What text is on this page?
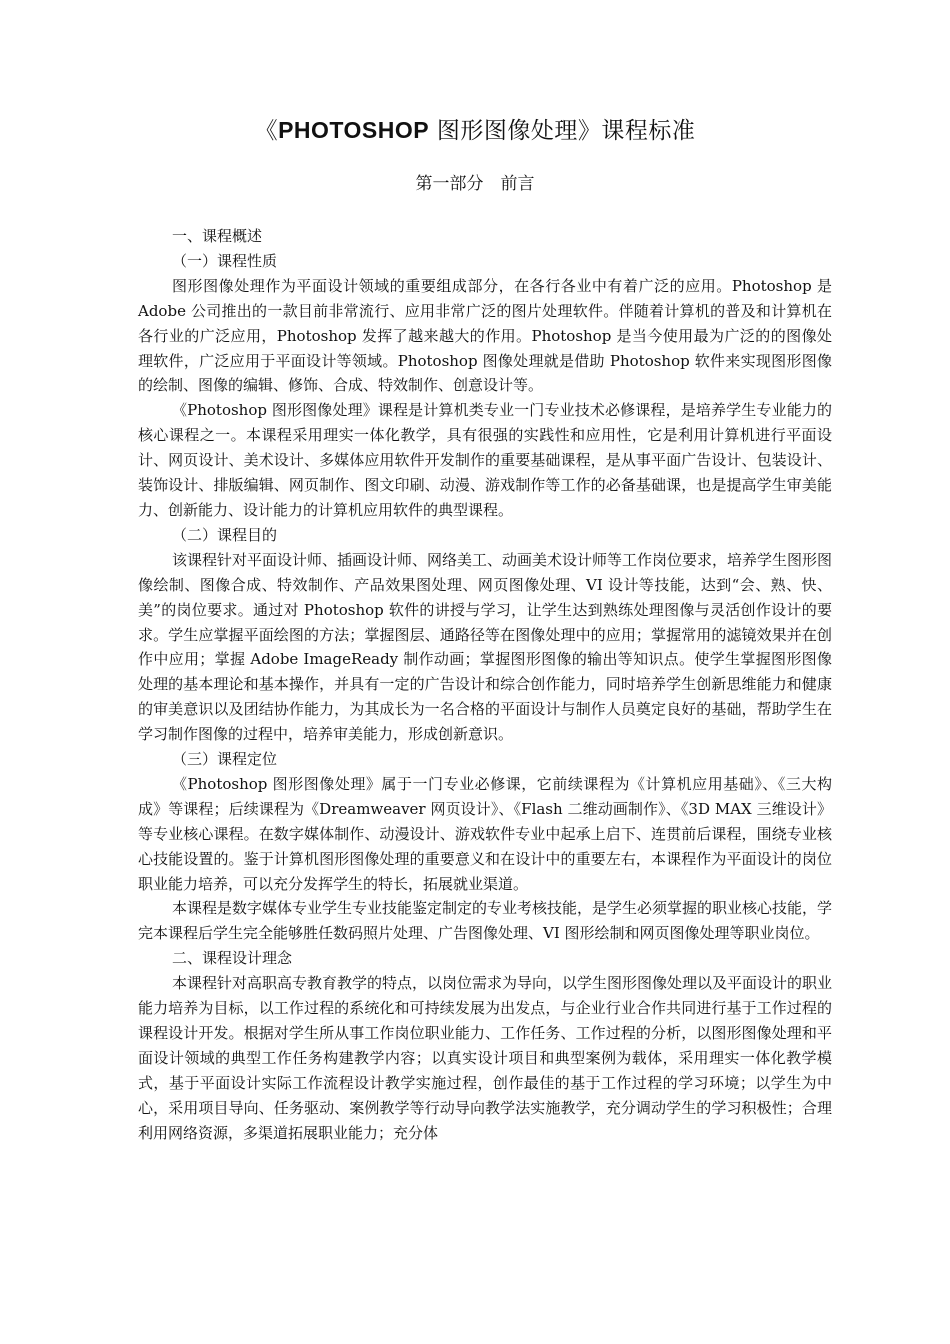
《PHOTOSHOP 图形图像处理》课程标准
第一部分　前言

一、课程概述

（一）课程性质

图形图像处理作为平面设计领域的重要组成部分，在各行各业中有着广泛的应用。Photoshop 是 Adobe 公司推出的一款目前非常流行、应用非常广泛的图片处理软件。伴随着计算机的普及和计算机在各行业的广泛应用，Photoshop 发挥了越来越大的作用。Photoshop 是当今使用最为广泛的的图像处理软件，广泛应用于平面设计等领域。Photoshop 图像处理就是借助 Photoshop 软件来实现图形图像的绘制、图像的编辑、修饰、合成、特效制作、创意设计等。

《Photoshop 图形图像处理》课程是计算机类专业一门专业技术必修课程，是培养学生专业能力的核心课程之一。本课程采用理实一体化教学，具有很强的实践性和应用性，它是利用计算机进行平面设计、网页设计、美术设计、多媒体应用软件开发制作的重要基础课程，是从事平面广告设计、包装设计、装饰设计、排版编辑、网页制作、图文印刷、动漫、游戏制作等工作的必备基础课，也是提高学生审美能力、创新能力、设计能力的计算机应用软件的典型课程。

（二）课程目的

该课程针对平面设计师、插画设计师、网络美工、动画美术设计师等工作岗位要求，培养学生图形图像绘制、图像合成、特效制作、产品效果图处理、网页图像处理、VI 设计等技能，达到“会、熟、快、美”的岗位要求。通过对 Photoshop 软件的讲授与学习，让学生达到熟练处理图像与灵活创作设计的要求。学生应掌握平面绘图的方法；掌握图层、通路径等在图像处理中的应用；掌握常用的滤镜效果并在创作中应用；掌握 Adobe ImageReady 制作动画；掌握图形图像的输出等知识点。使学生掌握图形图像处理的基本理论和基本操作，并具有一定的广告设计和综合创作能力，同时培养学生创新思维能力和健康的审美意识以及团结协作能力，为其成长为一名合格的平面设计与制作人员奠定良好的基础，帮助学生在学习制作图像的过程中，培养审美能力，形成创新意识。

（三）课程定位

《Photoshop 图形图像处理》属于一门专业必修课，它前续课程为《计算机应用基础》、《三大构成》等课程；后续课程为《Dreamweaver 网页设计》、《Flash 二维动画制作》、《3D MAX 三维设计》等专业核心课程。在数字媒体制作、动漫设计、游戏软件专业中起承上启下、连贯前后课程，围绕专业核心技能设置的。鉴于计算机图形图像处理的重要意义和在设计中的重要左右，本课程作为平面设计的岗位职业能力培养，可以充分发挥学生的特长，拓展就业渠道。

本课程是数字媒体专业学生专业技能鉴定制定的专业考核技能，是学生必须掌握的职业核心技能，学完本课程后学生完全能够胜任数码照片处理、广告图像处理、VI 图形绘制和网页图像处理等职业岗位。

二、课程设计理念

本课程针对高职高专教育教学的特点，以岗位需求为导向，以学生图形图像处理以及平面设计的职业能力培养为目标，以工作过程的系统化和可持续发展为出发点，与企业行业合作共同进行基于工作过程的课程设计开发。根据对学生所从事工作岗位职业能力、工作任务、工作过程的分析，以图形图像处理和平面设计领域的典型工作任务构建教学内容；以真实设计项目和典型案例为载体，采用理实一体化教学模式，基于平面设计实际工作流程设计教学实施过程，创作最佳的基于工作过程的学习环境；以学生为中心，采用项目导向、任务驱动、案例教学等行动导向教学法实施教学，充分调动学生的学习积极性；合理利用网络资源，多渠道拓展职业能力；充分体
